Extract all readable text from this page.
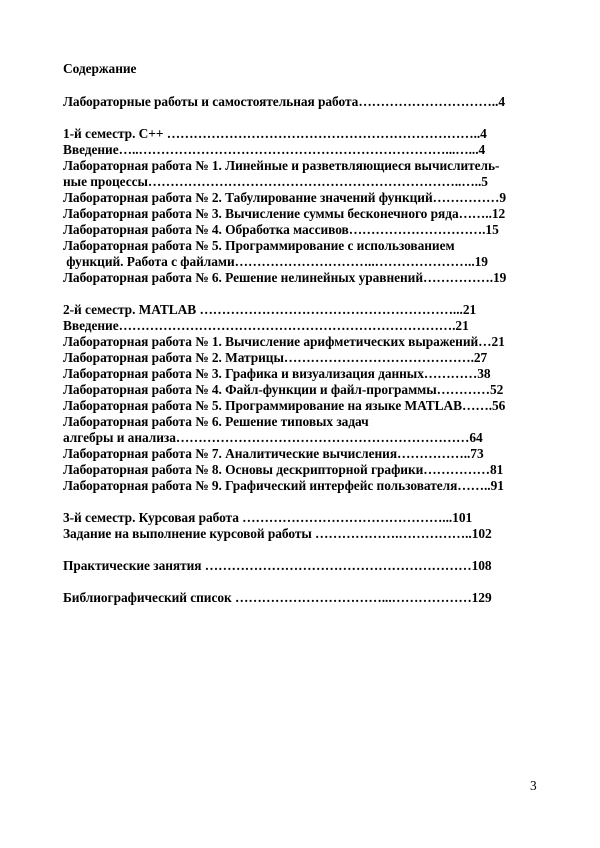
Содержание
Лабораторные работы и самостоятельная работа…………………………..4
1-й семестр. С++ ……………………………………………………………..4
Введение…..……………………………………………………………...…...4
Лабораторная работа № 1. Линейные и разветвляющиеся вычислитель-
ные процессы……………………………………………………………..…..5
Лабораторная работа № 2. Табулирование значений функций……………9
Лабораторная работа № 3. Вычисление суммы бесконечного ряда……..12
Лабораторная работа № 4. Обработка массивов………………………….15
Лабораторная работа № 5. Программирование с использованием
функций. Работа с файлами…………………………..…………………..19
Лабораторная работа № 6. Решение нелинейных уравнений…………….19
2-й семестр. MATLAB …………………………………………………...21
Введение………………………………………………………………….21
Лабораторная работа № 1. Вычисление арифметических выражений…21
Лабораторная работа № 2. Матрицы…………………………………….27
Лабораторная работа № 3. Графика и визуализация данных…………38
Лабораторная работа № 4. Файл-функции и файл-программы…………52
Лабораторная работа № 5. Программирование на языке MATLAB…….56
Лабораторная работа № 6. Решение типовых задач
алгебры и анализа…………………………………………………………64
Лабораторная работа № 7. Аналитические вычисления……………..73
Лабораторная работа № 8. Основы дескрипторной графики……………81
Лабораторная работа № 9. Графический интерфейс пользователя……..91
3-й семестр. Курсовая работа ………………………………………...101
Задание на выполнение курсовой работы ……………….……………..102
Практические занятия ……………………………………………………108
Библиографический список ……………………………...………………129
3
